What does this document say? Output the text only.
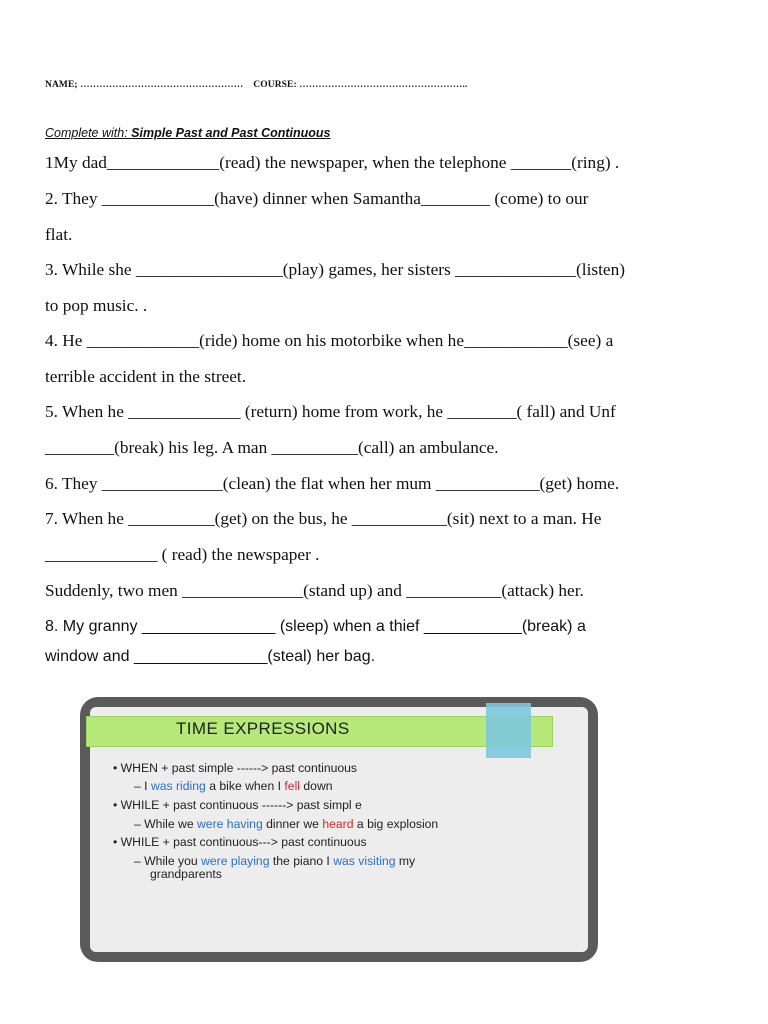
NAME; …………………………………………… COURSE: ……………………………………………..
Complete with: Simple Past and Past Continuous
1My dad_____________(read) the newspaper, when the telephone _______(ring) .
2. They _____________(have) dinner when Samantha________ (come) to our
flat.
3. While she _________________(play) games, her sisters ______________(listen)
to pop music. .
4. He _____________(ride) home on his motorbike when he____________(see) a
terrible accident in the street.
5. When he _____________ (return) home from work, he ________( fall) and Unf
________(break) his leg. A man __________(call) an ambulance.
6. They ______________(clean) the flat when her mum ____________(get) home.
7. When he __________(get) on the bus, he ___________(sit) next to a man. He
_____________ ( read) the newspaper .
Suddenly, two men ______________(stand up) and ___________(attack) her.
8. My granny _______________ (sleep) when a thief ___________(break) a
window and _______________(steal) her bag.
TIME EXPRESSIONS
• WHEN + past simple ------> past continuous
– I was riding a bike when I fell down
• WHILE + past continuous ------> past simpl e
– While we were having dinner we heard a big explosion
• WHILE + past continuous---> past continuous
– While you were playing the piano I was visiting my
grandparents
